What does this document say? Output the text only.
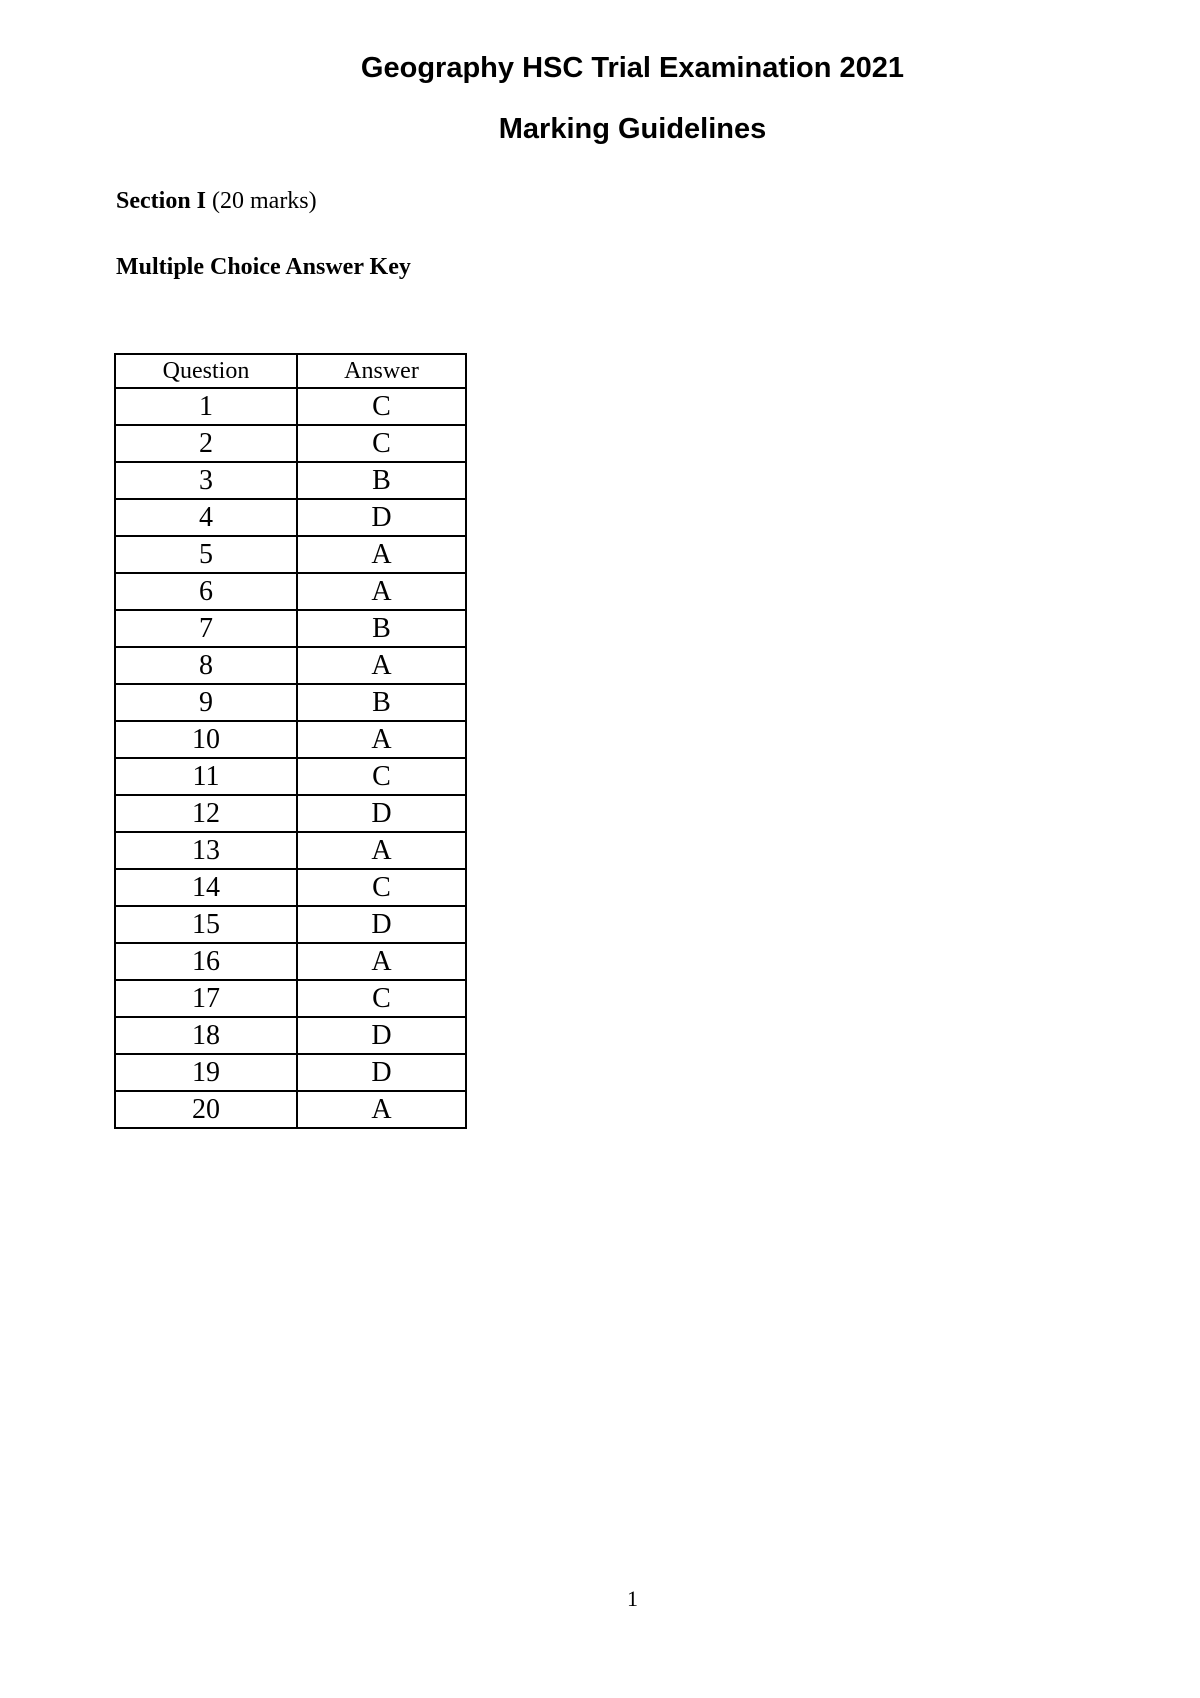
Geography HSC Trial Examination 2021
Marking Guidelines
Section I (20 marks)
Multiple Choice Answer Key
Question	Answer
1	C
2	C
3	B
4	D
5	A
6	A
7	B
8	A
9	B
10	A
11	C
12	D
13	A
14	C
15	D
16	A
17	C
18	D
19	D
20	A
1
